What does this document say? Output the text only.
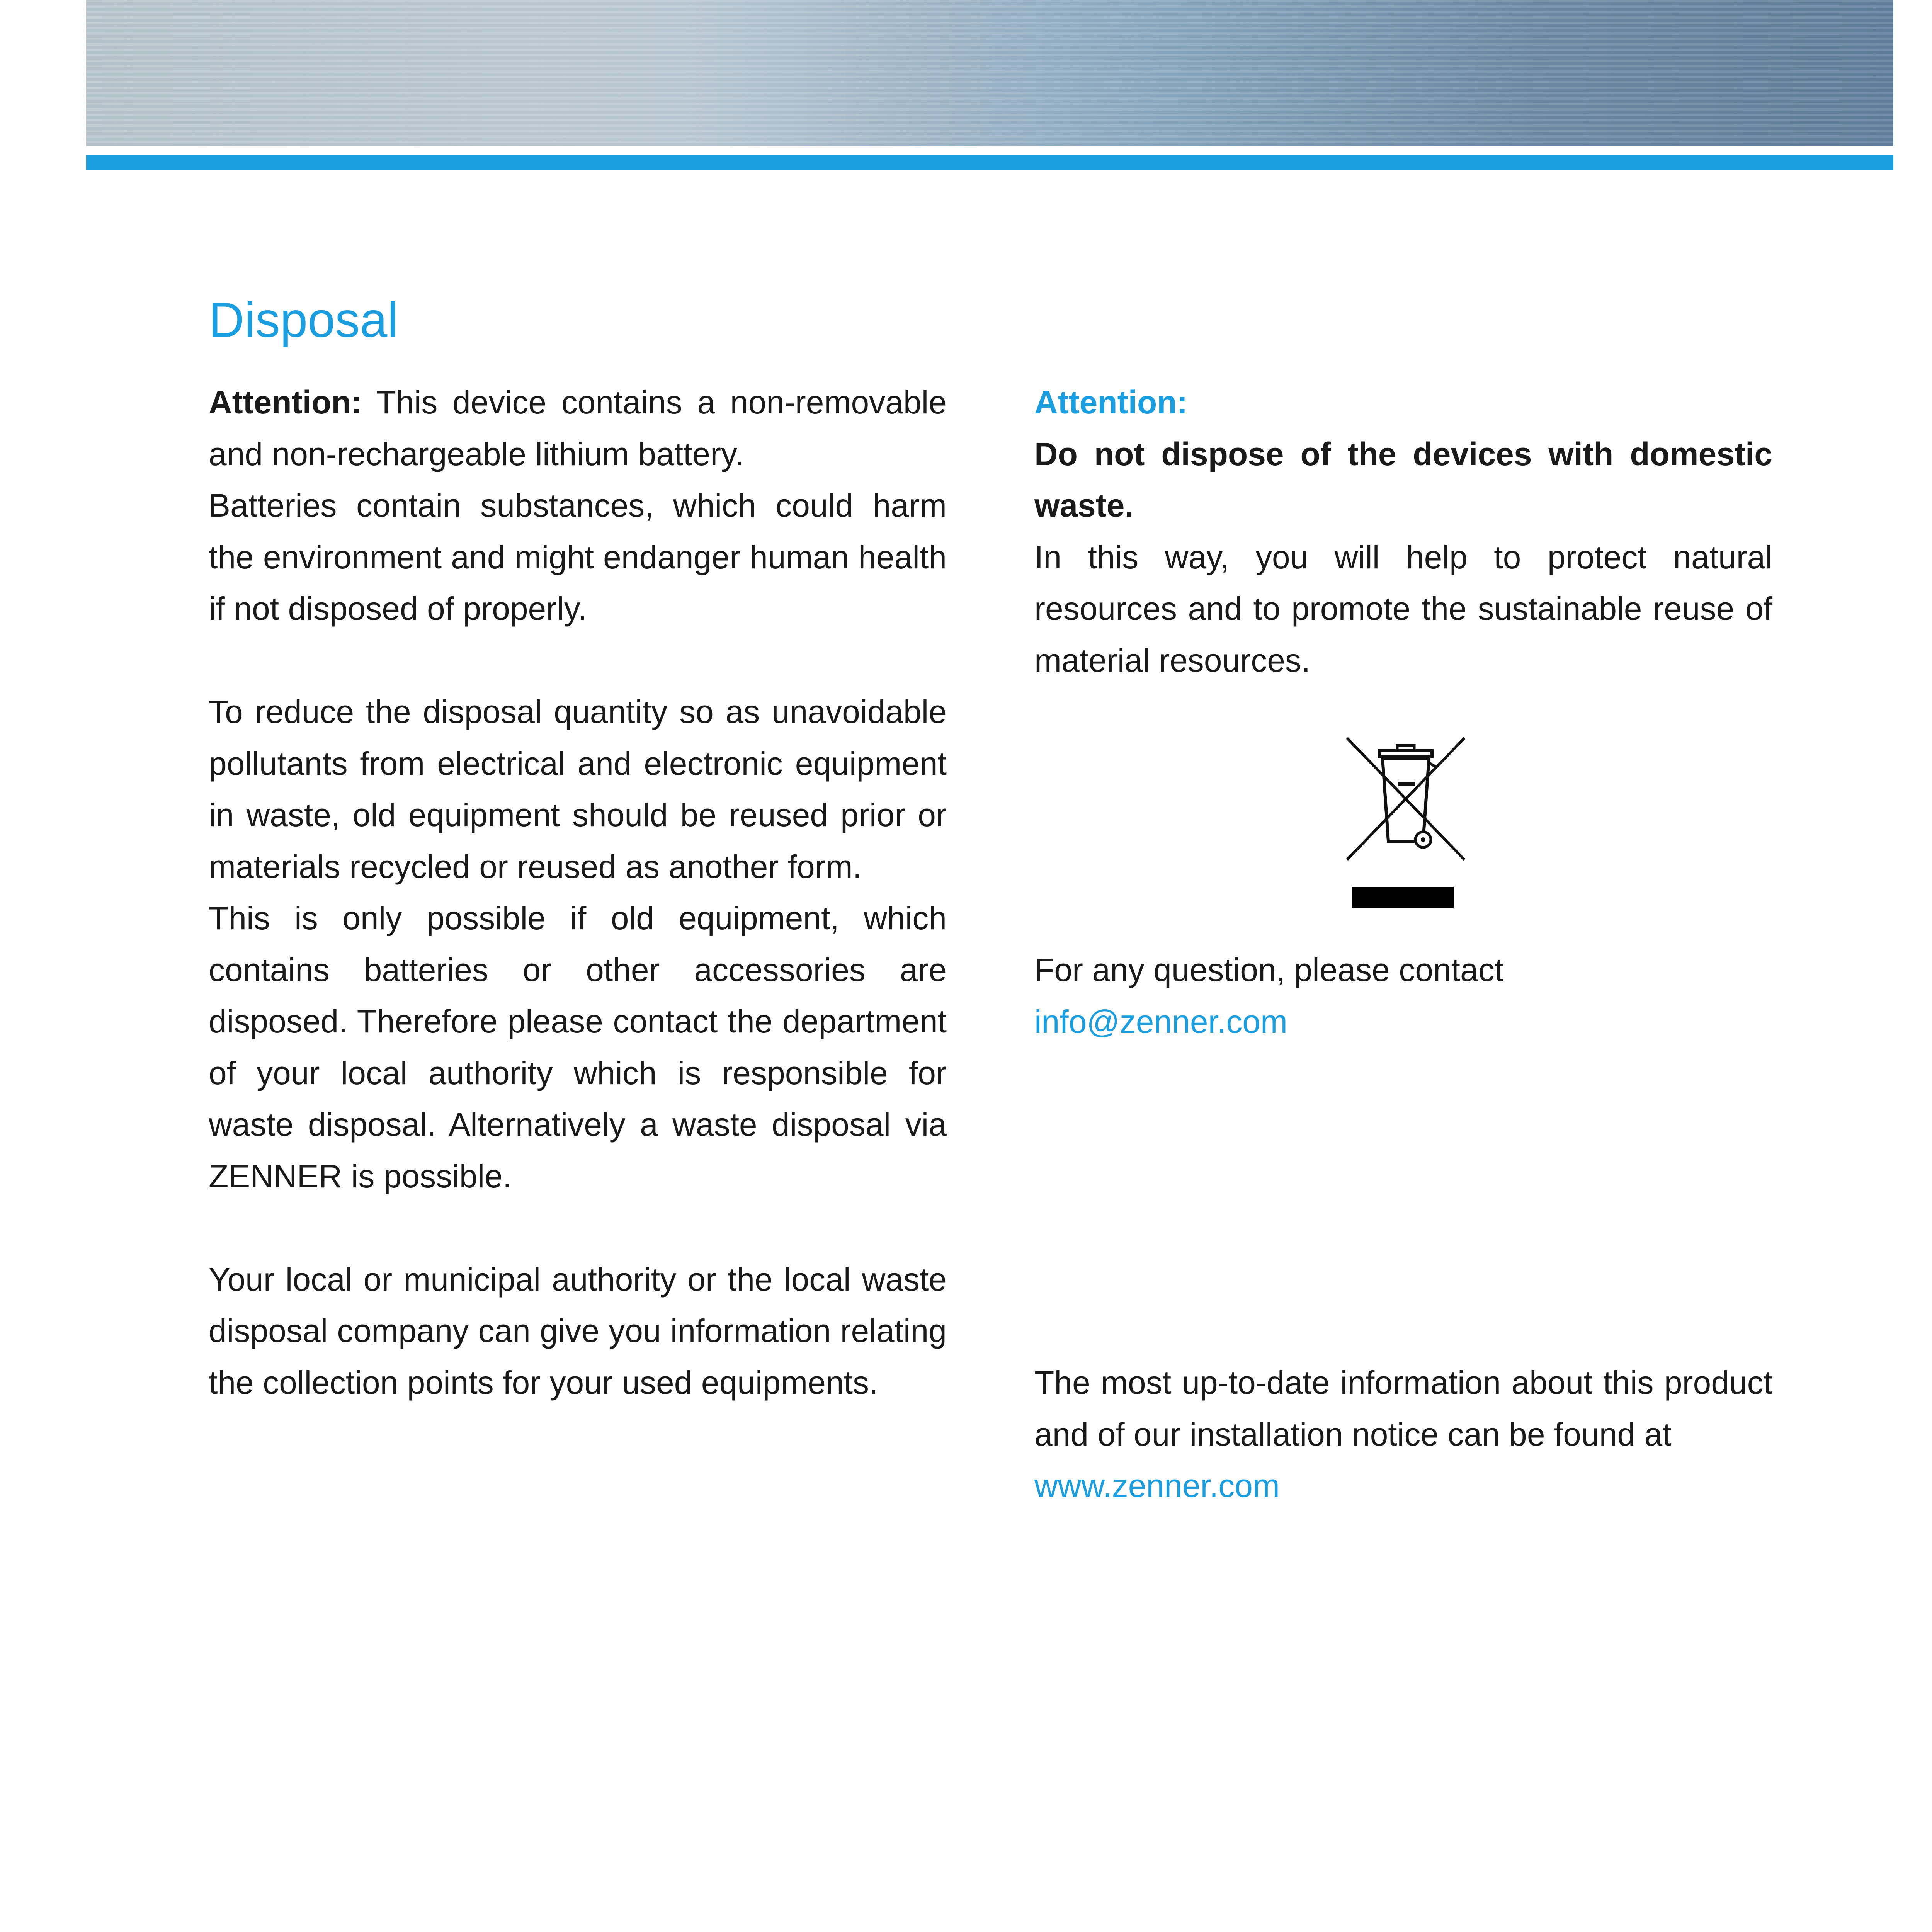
Disposal

Attention: This device contains a non-removable and non-rechargeable lithium battery.

Batteries contain substances, which could harm the environment and might endanger human health if not disposed of properly.

To reduce the disposal quantity so as unavoidable pollutants from electrical and electronic equipment in waste, old equipment should be reused prior or materials recycled or reused as another form.

This is only possible if old equipment, which contains batteries or other accessories are disposed. Therefore please contact the department of your local authority which is responsible for waste disposal. Alternatively a waste disposal via ZENNER is possible.

Your local or municipal authority or the local waste disposal company can give you information relating the collection points for your used equipments.

Attention:

Do not dispose of the devices with domestic waste.

In this way, you will help to protect natural resources and to promote the sustainable reuse of material resources.

For any question, please contact

info@zenner.com

The most up-to-date information about this product and of our installation notice can be found at

www.zenner.com
